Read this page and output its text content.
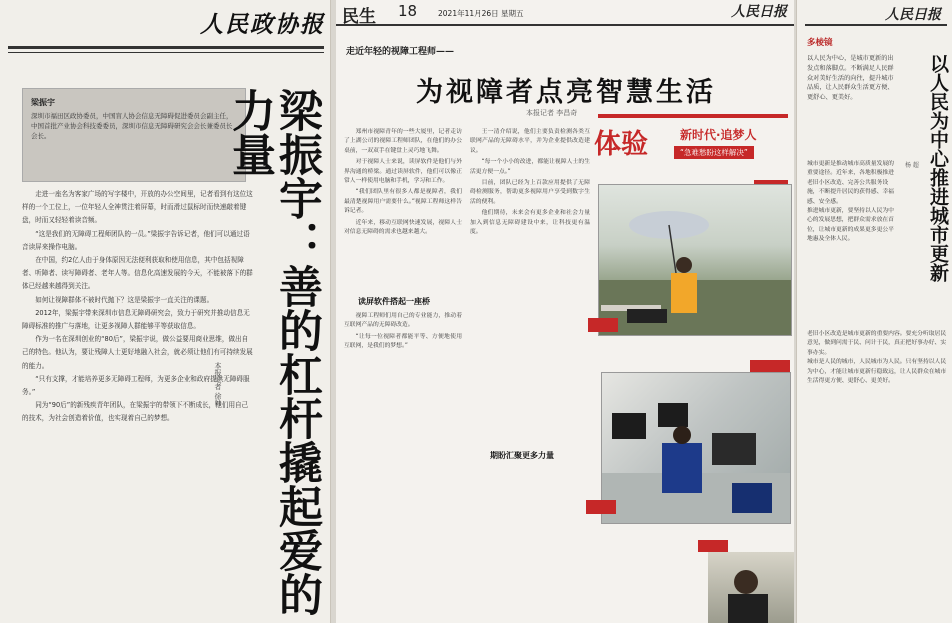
人民政协报
梁振宇
深圳市福田区政协委员，中国盲人协会信息无障碍促进委员会副主任，中国首批产业协会科技委委员，深圳市信息无障碍研究会会长兼委员长会长。	梁振宇：善的杠杆撬起爱的力量
本报记者 徐帅

走进一座名为客家广场的写字楼中，开放的办公空间里，记者看到有这位这样的一个工位上，一位年轻人全神贯注着屏幕，时而滑过鼠标时而快速敲着键盘，时而又轻轻着读音频。

“这是我们的无障碍工程师团队的一员。”梁振宇告诉记者，他们可以通过语音读屏来操作电脑。

在中国，约2亿人由于身体原因无法便利获取和使用信息，其中包括视障者、听障者、读写障碍者、老年人等。信息化高速发展的今天，不能被落下的群体已经越来越得到关注。

如何让视障群体不被时代抛下？这是梁振宇一直关注的课题。

2012年，梁振宇带来深圳市信息无障碍研究会，致力于研究并推动信息无障碍标准的推广与落地，让更多视障人群能够平等获取信息。

作为一名在深圳创业的“80后”，梁振宇说，做公益要用商业思维，做出自己的特色。他认为，要让残障人士更好地融入社会，就必须让他们有可持续发展的能力。

“只有支撑，才能培养更多无障碍工程师，为更多企业和政府提供无障碍服务。”

同为“90后”的新残疾青年团队，在梁振宇的带领下不断成长，他们用自己的技术，为社会创造着价值，也实现着自己的梦想。

民生 18	2021年11月26日 星期五	人民日报
走近年轻的视障工程师——
为视障者点亮智慧生活
本报记者 李昌奇

郑州市视障青年的一些大厦里，记者走访了上湖公司的视障工程师团队，在他们的办公桌前，一双双手在键盘上灵巧地飞舞。

对于视障人士来说，读屏软件是他们与外界沟通的桥梁。通过读屏软件，他们可以像正常人一样使用电脑和手机，学习和工作。

“我们团队里有很多人都是视障者，我们最清楚视障用户需要什么。”视障工程师这样告诉记者。

近年来，移动互联网快速发展，视障人士对信息无障碍的需求也越来越大。

王一清介绍说，他们主要负责检测各类互联网产品的无障碍水平，并为企业提供改造建议。

“每一个小小的改进，都能让视障人士的生活更方便一点。”

目前，团队已经为上百款应用提供了无障碍检测服务，帮助更多视障用户享受到数字生活的便利。

他们期待，未来会有更多企业和社会力量加入到信息无障碍建设中来，让科技更有温度。

读屏软件搭起一座桥

视障工程师们用自己的专业能力，推动着互联网产品的无障碍改造。

“让每一位视障者都能平等、方便地使用互联网，是我们的梦想。”

期盼汇聚更多力量
体验	新时代·追梦人
“急难愁盼这样解决”
人民日报
多棱镜
以人民为中心，是城市更新的出发点和落脚点。不断满足人民群众对美好生活的向往，提升城市品质，让人民群众生活更方便、更舒心、更美好。	以人民为中心推进城市更新
杨 超
城市更新是推动城市高质量发展的重要途径。近年来，各地积极推进老旧小区改造、完善公共服务设施，不断提升居民的获得感、幸福感、安全感。
推进城市更新，要坚持以人民为中心的发展思想，把群众需求放在首位，让城市更新的成果更多更公平地惠及全体人民。
老旧小区改造是城市更新的重要内容。要充分听取居民意见，做到问需于民、问计于民，真正把好事办好、实事办实。
城市是人民的城市，人民城市为人民。只有坚持以人民为中心，才能让城市更新行稳致远，让人民群众在城市生活得更方便、更舒心、更美好。
